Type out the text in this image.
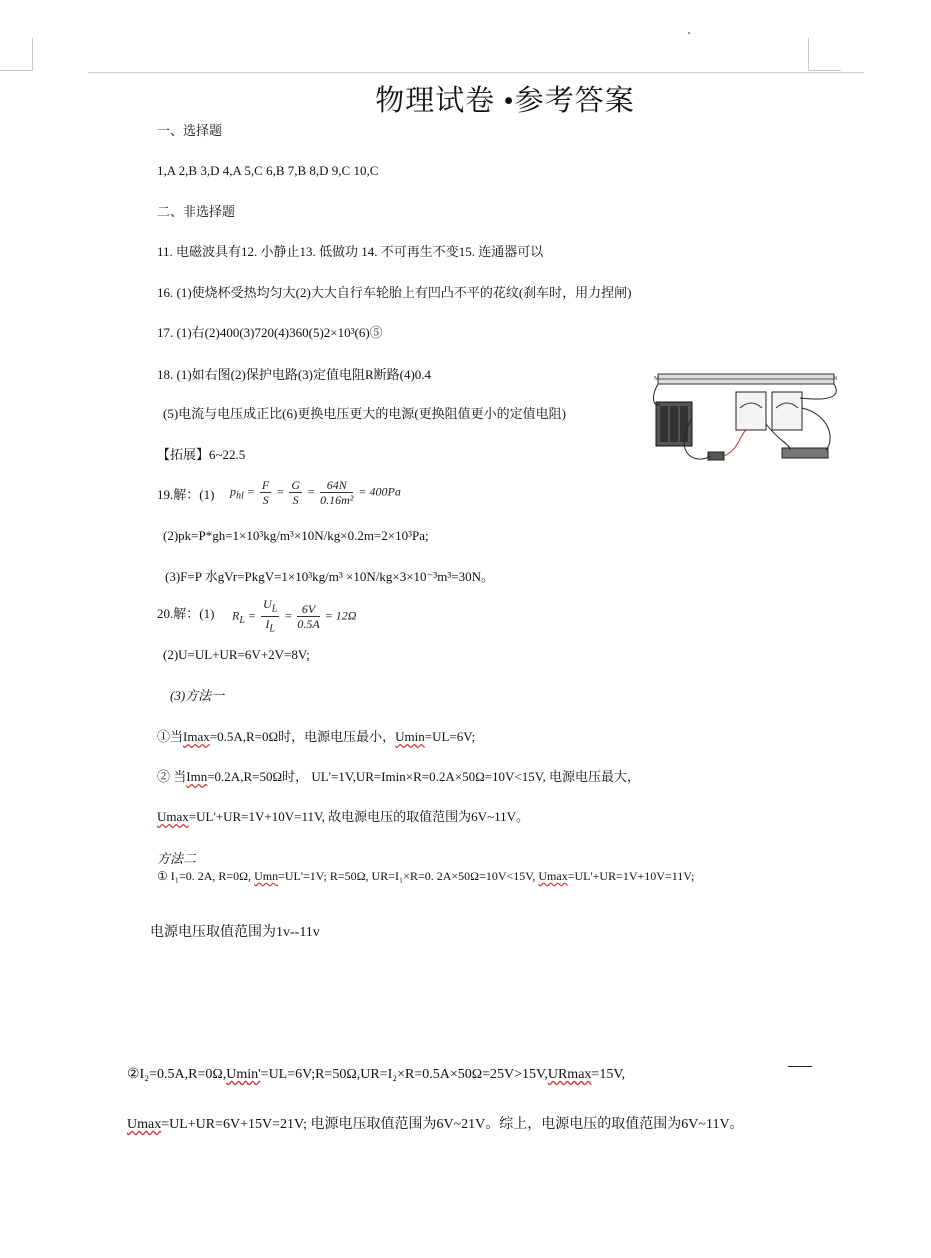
物理试卷 •参考答案
一、选择题
1,A 2,B 3,D 4,A 5,C 6,B 7,B 8,D 9,C 10,C
二、非选择题
11. 电磁波具有12. 小静止13. 低做功 14. 不可再生不变15. 连通器可以
16. (1)使烧杯受热均匀大(2)大大自行车轮胎上有凹凸不平的花纹(刹车时，用力捏闸)
17. (1)右(2)400(3)720(4)360(5)2×10³(6)⑤
18. (1)如右图(2)保护电路(3)定值电阻R断路(4)0.4
(5)电流与电压成正比(6)更换电压更大的电源(更换阻值更小的定值电阻)
【拓展】6~22.5
M	N
19.解：(1) $p_{hl} = \frac{F}{S} = \frac{G}{S} = \frac{64N}{\text{0.16m²}} = 400Pa$
(2)pk=P*gh=1×10³kg/m³×10N/kg×0.2m=2×10³Pa;
(3)F=P 水gVr=PkgV=1×10³kg/m³ ×10N/kg×3×10⁻³m³=30N。
20.解：(1) $R_L = \frac{U_L}{I_L} = \frac{6V}{0.5A} = 12\Omega$
(2)U=UL+UR=6V+2V=8V;
(3)方法一
①当Imax=0.5A,R=0Ω时，电源电压最小，Umin=UL=6V;
② 当Imn=0.2A,R=50Ω时， UL'=1V,UR=Imin×R=0.2A×50Ω=10V<15V, 电源电压最大，
Umax=UL'+UR=1V+10V=11V, 故电源电压的取值范围为6V~11V。
方法二
① I₁=0. 2A, R=0Ω, Umn=UL'=1V; R=50Ω, UR=I₁×R=0. 2A×50Ω=10V<15V, Umax=UL'+UR=1V+10V=11V;
电源电压取值范围为1v--11v
②I₂=0.5A,R=0Ω,Umin'=UL=6V;R=50Ω,UR=I₂×R=0.5A×50Ω=25V>15V,URmax=15V,
Umax=UL+UR=6V+15V=21V; 电源电压取值范围为6V~21V。综上，电源电压的取值范围为6V~11V。
